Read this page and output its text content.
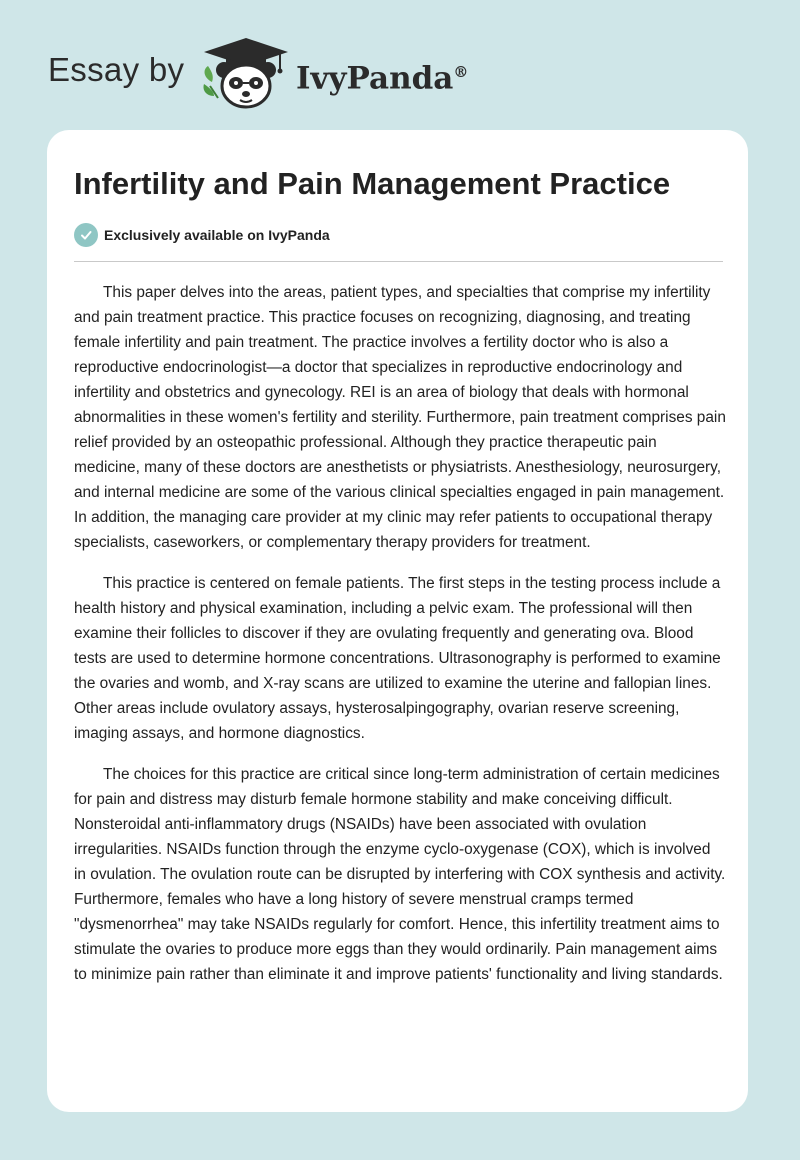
Essay by	IvyPanda®
Infertility and Pain Management Practice
Exclusively available on IvyPanda

This paper delves into the areas, patient types, and specialties that comprise my infertility and pain treatment practice. This practice focuses on recognizing, diagnosing, and treating female infertility and pain treatment. The practice involves a fertility doctor who is also a reproductive endocrinologist—a doctor that specializes in reproductive endocrinology and infertility and obstetrics and gynecology. REI is an area of biology that deals with hormonal abnormalities in these women's fertility and sterility. Furthermore, pain treatment comprises pain relief provided by an osteopathic professional. Although they practice therapeutic pain medicine, many of these doctors are anesthetists or physiatrists. Anesthesiology, neurosurgery, and internal medicine are some of the various clinical specialties engaged in pain management. In addition, the managing care provider at my clinic may refer patients to occupational therapy specialists, caseworkers, or complementary therapy providers for treatment.

This practice is centered on female patients. The first steps in the testing process include a health history and physical examination, including a pelvic exam. The professional will then examine their follicles to discover if they are ovulating frequently and generating ova. Blood tests are used to determine hormone concentrations. Ultrasonography is performed to examine the ovaries and womb, and X-ray scans are utilized to examine the uterine and fallopian lines. Other areas include ovulatory assays, hysterosalpingography, ovarian reserve screening, imaging assays, and hormone diagnostics.

The choices for this practice are critical since long-term administration of certain medicines for pain and distress may disturb female hormone stability and make conceiving difficult. Nonsteroidal anti-inflammatory drugs (NSAIDs) have been associated with ovulation irregularities. NSAIDs function through the enzyme cyclo-oxygenase (COX), which is involved in ovulation. The ovulation route can be disrupted by interfering with COX synthesis and activity. Furthermore, females who have a long history of severe menstrual cramps termed "dysmenorrhea" may take NSAIDs regularly for comfort. Hence, this infertility treatment aims to stimulate the ovaries to produce more eggs than they would ordinarily. Pain management aims to minimize pain rather than eliminate it and improve patients' functionality and living standards.
